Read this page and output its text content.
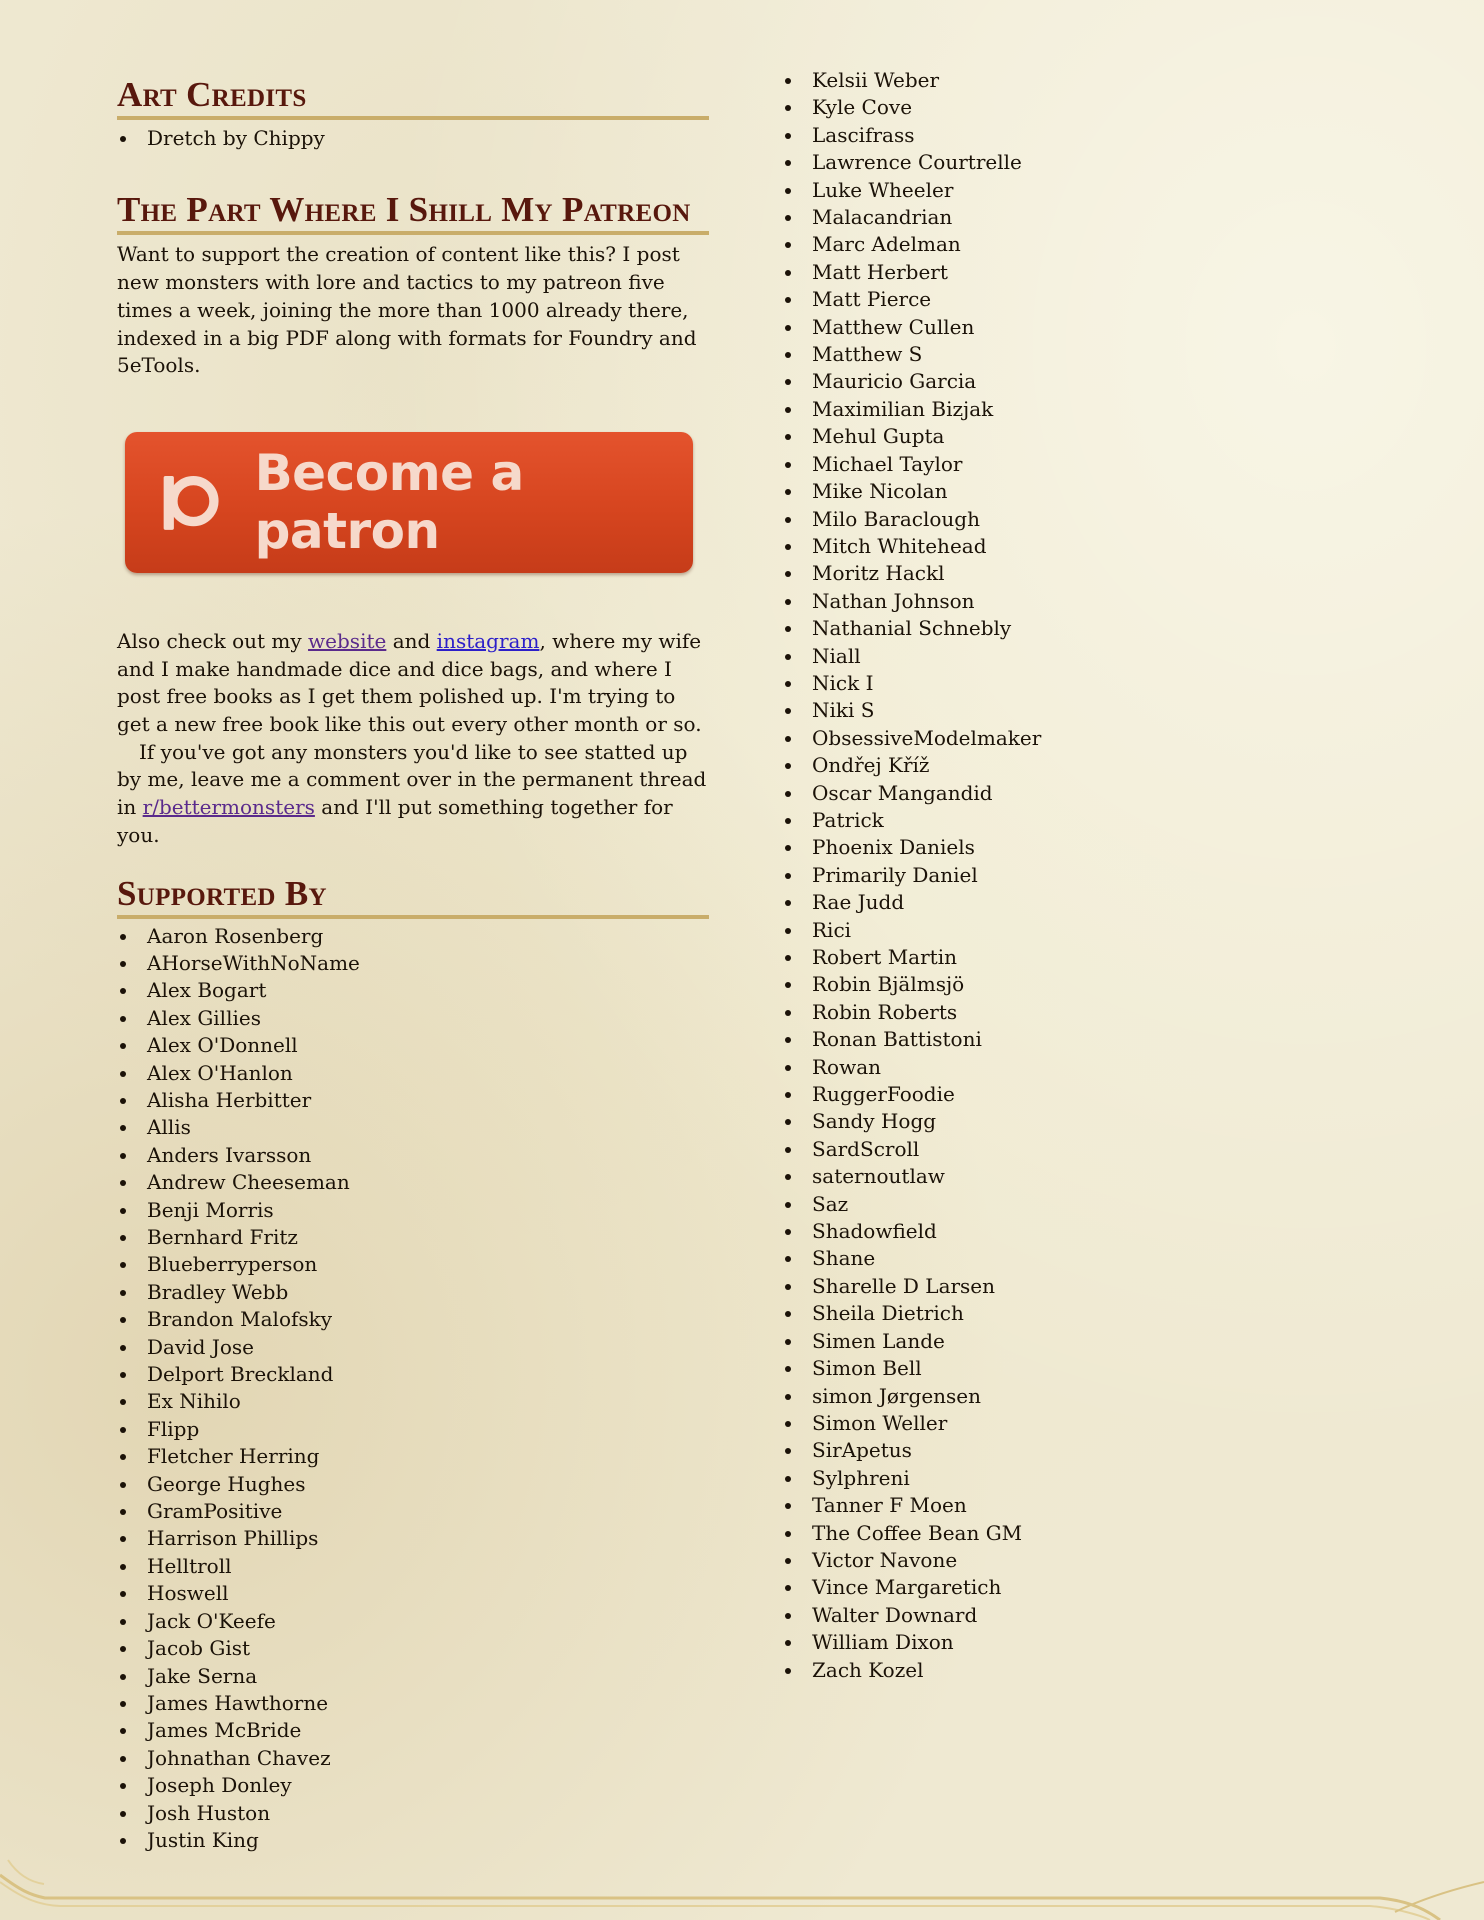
Art Credits
Dretch by Chippy
The Part Where I Shill My Patreon

Want to support the creation of content like this? I post new monsters with lore and tactics to my patreon five times a week, joining the more than 1000 already there, indexed in a big PDF along with formats for Foundry and 5eTools.

Become a patron

Also check out my website and instagram, where my wife and I make handmade dice and dice bags, and where I post free books as I get them polished up. I'm trying to get a new free book like this out every other month or so.

If you've got any monsters you'd like to see statted up by me, leave me a comment over in the permanent thread in r/bettermonsters and I'll put something together for you.

Supported By
Aaron Rosenberg
AHorseWithNoName
Alex Bogart
Alex Gillies
Alex O'Donnell
Alex O'Hanlon
Alisha Herbitter
Allis
Anders Ivarsson
Andrew Cheeseman
Benji Morris
Bernhard Fritz
Blueberryperson
Bradley Webb
Brandon Malofsky
David Jose
Delport Breckland
Ex Nihilo
Flipp
Fletcher Herring
George Hughes
GramPositive
Harrison Phillips
Helltroll
Hoswell
Jack O'Keefe
Jacob Gist
Jake Serna
James Hawthorne
James McBride
Johnathan Chavez
Joseph Donley
Josh Huston
Justin King
Kelsii Weber
Kyle Cove
Lascifrass
Lawrence Courtrelle
Luke Wheeler
Malacandrian
Marc Adelman
Matt Herbert
Matt Pierce
Matthew Cullen
Matthew S
Mauricio Garcia
Maximilian Bizjak
Mehul Gupta
Michael Taylor
Mike Nicolan
Milo Baraclough
Mitch Whitehead
Moritz Hackl
Nathan Johnson
Nathanial Schnebly
Niall
Nick I
Niki S
ObsessiveModelmaker
Ondřej Kříž
Oscar Mangandid
Patrick
Phoenix Daniels
Primarily Daniel
Rae Judd
Rici
Robert Martin
Robin Bjälmsjö
Robin Roberts
Ronan Battistoni
Rowan
RuggerFoodie
Sandy Hogg
SardScroll
saternoutlaw
Saz
Shadowfield
Shane
Sharelle D Larsen
Sheila Dietrich
Simen Lande
Simon Bell
simon Jørgensen
Simon Weller
SirApetus
Sylphreni
Tanner F Moen
The Coffee Bean GM
Victor Navone
Vince Margaretich
Walter Downard
William Dixon
Zach Kozel
